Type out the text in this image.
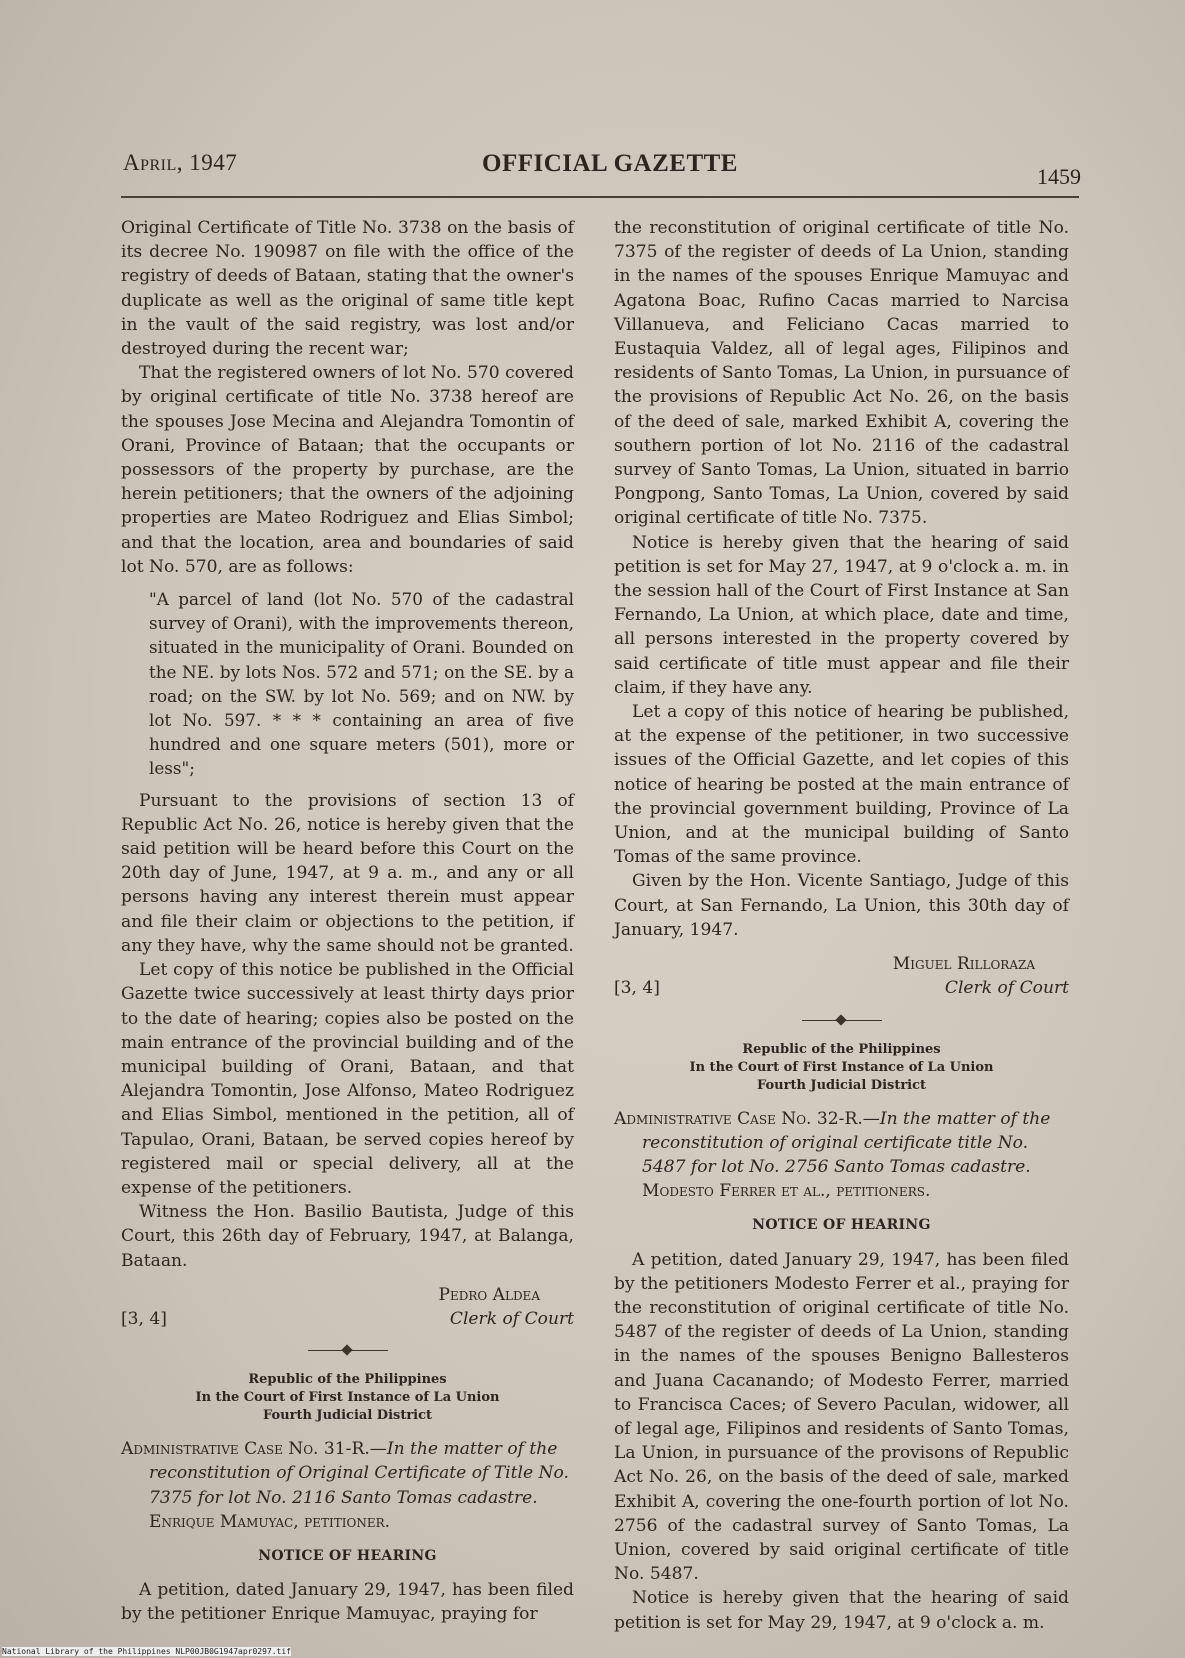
April, 1947	OFFICIAL GAZETTE	1459

Original Certificate of Title No. 3738 on the basis of its decree No. 190987 on file with the office of the registry of deeds of Bataan, stating that the owner's duplicate as well as the original of same title kept in the vault of the said registry, was lost and/or destroyed during the recent war;

That the registered owners of lot No. 570 covered by original certificate of title No. 3738 hereof are the spouses Jose Mecina and Alejandra Tomontin of Orani, Province of Bataan; that the occupants or possessors of the property by purchase, are the herein petitioners; that the owners of the adjoining properties are Mateo Rodriguez and Elias Simbol; and that the location, area and boundaries of said lot No. 570, are as follows:

"A parcel of land (lot No. 570 of the cadastral survey of Orani), with the improvements thereon, situated in the municipality of Orani. Bounded on the NE. by lots Nos. 572 and 571; on the SE. by a road; on the SW. by lot No. 569; and on NW. by lot No. 597. * * * containing an area of five hundred and one square meters (501), more or less";

Pursuant to the provisions of section 13 of Republic Act No. 26, notice is hereby given that the said petition will be heard before this Court on the 20th day of June, 1947, at 9 a. m., and any or all persons having any interest therein must appear and file their claim or objections to the petition, if any they have, why the same should not be granted.

Let copy of this notice be published in the Official Gazette twice successively at least thirty days prior to the date of hearing; copies also be posted on the main entrance of the provincial building and of the municipal building of Orani, Bataan, and that Alejandra Tomontin, Jose Alfonso, Mateo Rodriguez and Elias Simbol, mentioned in the petition, all of Tapulao, Orani, Bataan, be served copies hereof by registered mail or special delivery, all at the expense of the petitioners.

Witness the Hon. Basilio Bautista, Judge of this Court, this 26th day of February, 1947, at Balanga, Bataan.

Pedro Aldea

[3, 4]	Clerk of Court

Republic of the Philippines
In the Court of First Instance of La Union
Fourth Judicial District

Administrative Case No. 31-R.—In the matter of the reconstitution of Original Certificate of Title No. 7375 for lot No. 2116 Santo Tomas cadastre. Enrique Mamuyac, petitioner.

NOTICE OF HEARING

A petition, dated January 29, 1947, has been filed by the petitioner Enrique Mamuyac, praying for

the reconstitution of original certificate of title No. 7375 of the register of deeds of La Union, standing in the names of the spouses Enrique Mamuyac and Agatona Boac, Rufino Cacas married to Narcisa Villanueva, and Feliciano Cacas married to Eustaquia Valdez, all of legal ages, Filipinos and residents of Santo Tomas, La Union, in pursuance of the provisions of Republic Act No. 26, on the basis of the deed of sale, marked Exhibit A, covering the southern portion of lot No. 2116 of the cadastral survey of Santo Tomas, La Union, situated in barrio Pongpong, Santo Tomas, La Union, covered by said original certificate of title No. 7375.

Notice is hereby given that the hearing of said petition is set for May 27, 1947, at 9 o'clock a. m. in the session hall of the Court of First Instance at San Fernando, La Union, at which place, date and time, all persons interested in the property covered by said certificate of title must appear and file their claim, if they have any.

Let a copy of this notice of hearing be published, at the expense of the petitioner, in two successive issues of the Official Gazette, and let copies of this notice of hearing be posted at the main entrance of the provincial government building, Province of La Union, and at the municipal building of Santo Tomas of the same province.

Given by the Hon. Vicente Santiago, Judge of this Court, at San Fernando, La Union, this 30th day of January, 1947.

Miguel Rilloraza

[3, 4]	Clerk of Court

Republic of the Philippines
In the Court of First Instance of La Union
Fourth Judicial District

Administrative Case No. 32-R.—In the matter of the reconstitution of original certificate title No. 5487 for lot No. 2756 Santo Tomas cadastre. Modesto Ferrer et al., petitioners.

NOTICE OF HEARING

A petition, dated January 29, 1947, has been filed by the petitioners Modesto Ferrer et al., praying for the reconstitution of original certificate of title No. 5487 of the register of deeds of La Union, standing in the names of the spouses Benigno Ballesteros and Juana Cacanando; of Modesto Ferrer, married to Francisca Caces; of Severo Paculan, widower, all of legal age, Filipinos and residents of Santo Tomas, La Union, in pursuance of the provisons of Republic Act No. 26, on the basis of the deed of sale, marked Exhibit A, covering the one-fourth portion of lot No. 2756 of the cadastral survey of Santo Tomas, La Union, covered by said original certificate of title No. 5487.

Notice is hereby given that the hearing of said petition is set for May 29, 1947, at 9 o'clock a. m.

National Library of the Philippines NLP00JB0G1947apr0297.tif
